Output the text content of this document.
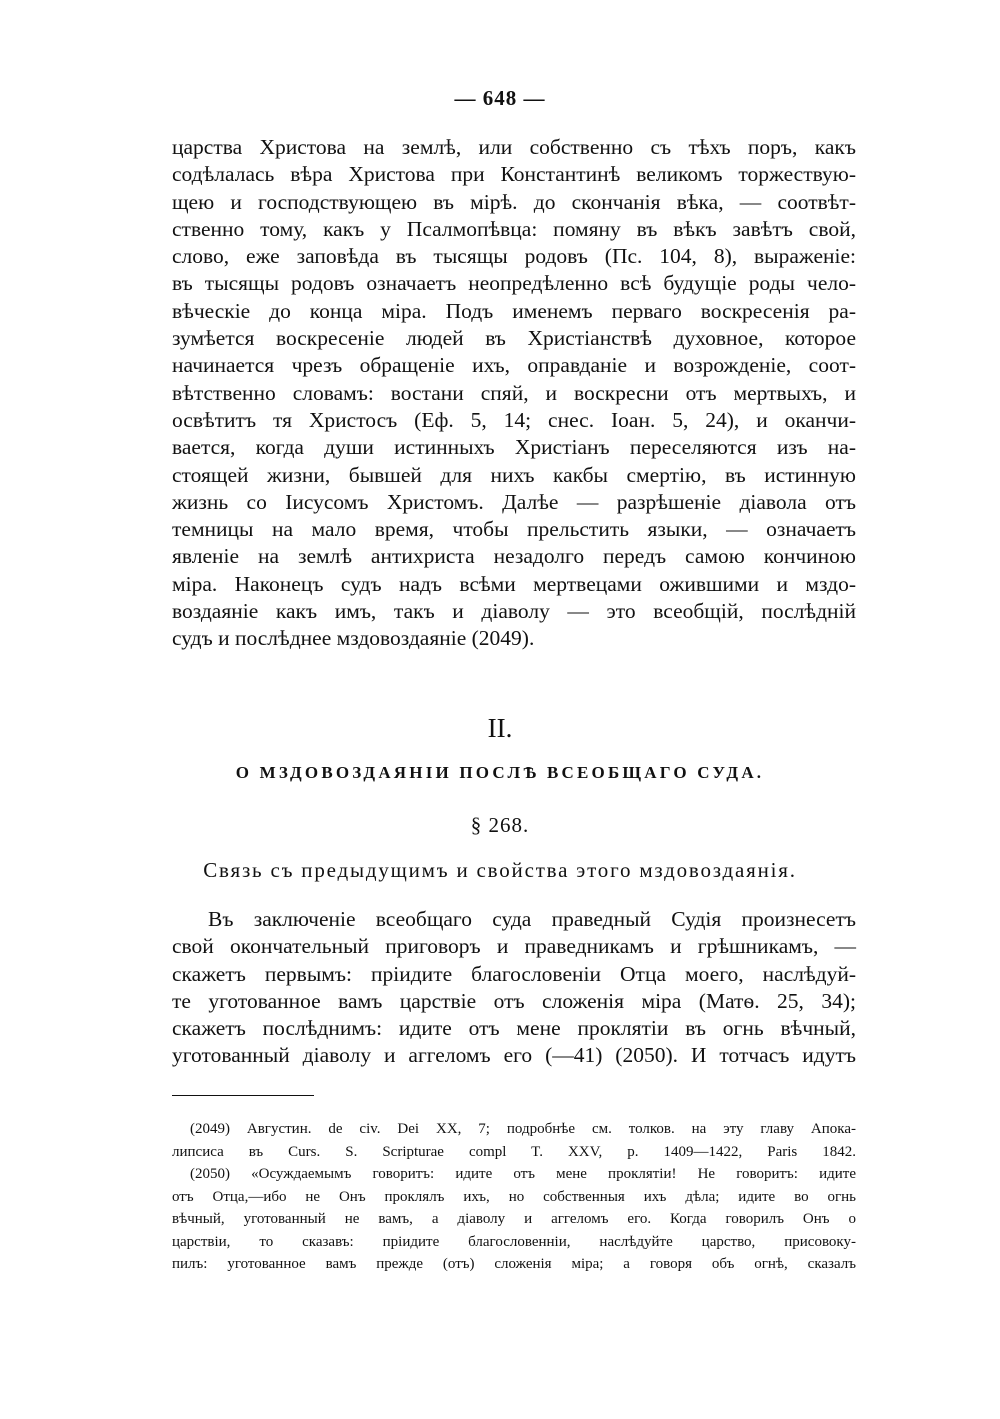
— 648 —
царства Христова на землѣ, или собственно съ тѣхъ поръ, какъ
содѣлалась вѣра Христова при Константинѣ великомъ торжествую-
щею и господствующею въ мірѣ. до скончанія вѣка, — соотвѣт-
ственно тому, какъ у Псалмопѣвца: помяну въ вѣкъ завѣтъ свой,
слово, еже заповѣда въ тысящы родовъ (Пс. 104, 8), выраженіе:
въ тысящы родовъ означаетъ неопредѣленно всѣ будущіе роды чело-
вѣческіе до конца міра. Подъ именемъ перваго воскресенія ра-
зумѣется воскресеніе людей въ Христіанствѣ духовное, которое
начинается чрезъ обращеніе ихъ, оправданіе и возрожденіе, соот-
вѣтственно словамъ: востани спяй, и воскресни отъ мертвыхъ, и
освѣтитъ тя Христосъ (Еф. 5, 14; снес. Іоан. 5, 24), и оканчи-
вается, когда души истинныхъ Христіанъ переселяются изъ на-
стоящей жизни, бывшей для нихъ какбы смертію, въ истинную
жизнь со Іисусомъ Христомъ. Далѣе — разрѣшеніе діавола отъ
темницы на мало время, чтобы прельстить языки, — означаетъ
явленіе на землѣ антихриста незадолго передъ самою кончиною
міра. Наконецъ судъ надъ всѣми мертвецами ожившими и мздо-
воздаяніе какъ имъ, такъ и діаволу — это всеобщій, послѣдній
судъ и послѣднее мздовоздаяніе (2049).
II.
О МЗДОВОЗДАЯНІИ ПОСЛѢ ВСЕОБЩАГО СУДА.
§ 268.
Связь съ предыдущимъ и свойства этого мздовоздаянія.
Въ заключеніе всеобщаго суда праведный Судія произнесетъ
свой окончательный приговоръ и праведникамъ и грѣшникамъ, —
скажетъ первымъ: пріидите благословеніи Отца моего, наслѣдуй-
те уготованное вамъ царствіе отъ сложенія міра (Матѳ. 25, 34);
скажетъ послѣднимъ: идите отъ мене проклятіи въ огнь вѣчный,
уготованный діаволу и аггеломъ его (—41) (2050). И тотчасъ идутъ
(2049) Августин. de civ. Dei XX, 7; подробнѣе см. толков. на эту главу Апока-
липсиса въ Curs. S. Scripturae compl T. XXV, p. 1409—1422, Paris 1842.
(2050) «Осуждаемымъ говоритъ: идите отъ мене проклятіи! Не говоритъ: идите
отъ Отца,—ибо не Онъ проклялъ ихъ, но собственныя ихъ дѣла; идите во огнь
вѣчный, уготованный не вамъ, а діаволу и аггеломъ его. Когда говорилъ Онъ о
царствіи, то сказавъ: пріидите благословенніи, наслѣдуйте царство, присовоку-
пилъ: уготованное вамъ прежде (отъ) сложенія міра; а говоря объ огнѣ, сказалъ
